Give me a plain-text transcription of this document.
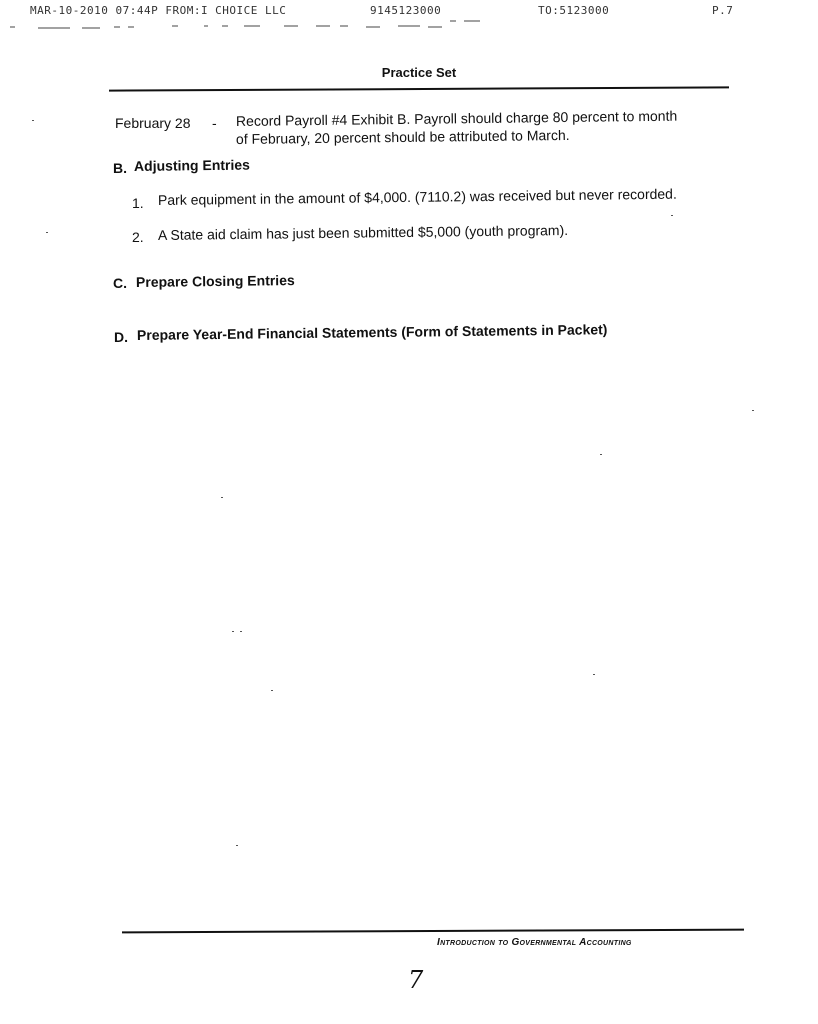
MAR-10-2010 07:44P FROM:I CHOICE LLC	9145123000	TO:5123000	P.7
Practice Set
February 28 - Record Payroll #4 Exhibit B. Payroll should charge 80 percent to month
of February, 20 percent should be attributed to March.
B. Adjusting Entries
1. Park equipment in the amount of $4,000. (7110.2) was received but never recorded.
2. A State aid claim has just been submitted $5,000 (youth program).
C. Prepare Closing Entries
D. Prepare Year-End Financial Statements (Form of Statements in Packet)
Introduction to Governmental Accounting
7
